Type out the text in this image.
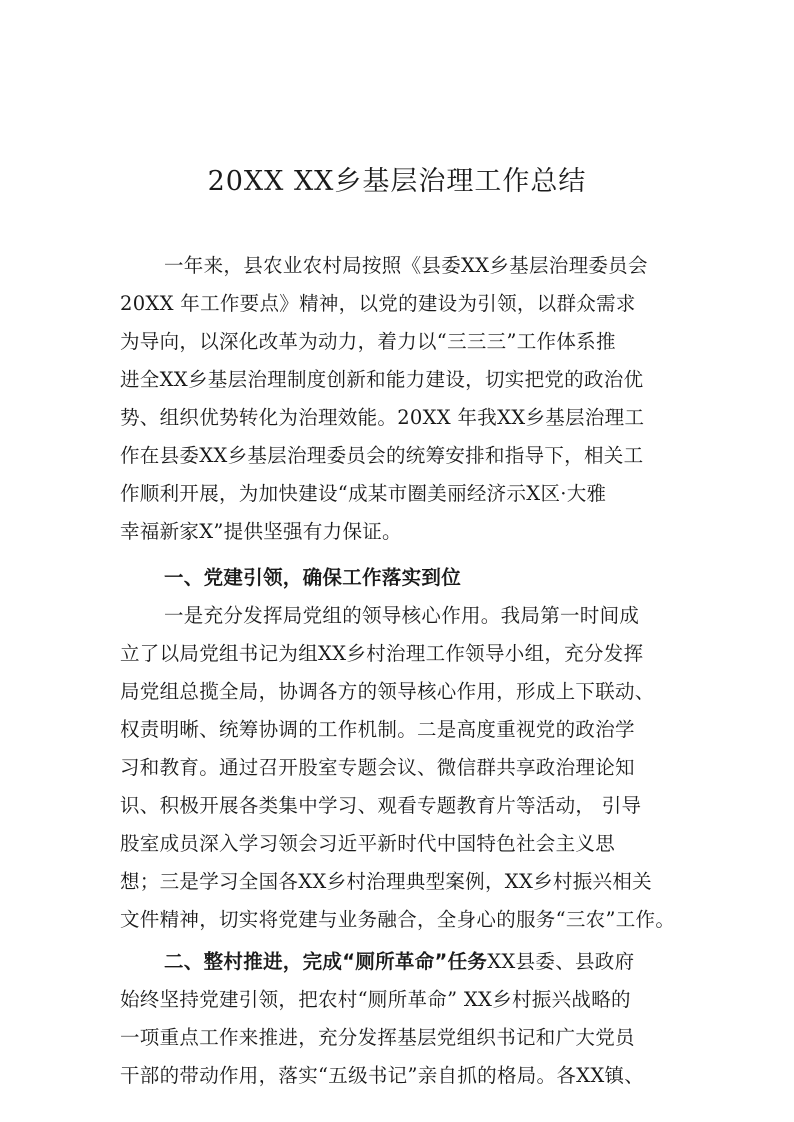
20XX XX乡基层治理工作总结
一年来，县农业农村局按照《县委XX乡基层治理委员会
20XX 年工作要点》精神，以党的建设为引领，以群众需求
为导向，以深化改革为动力，着力以“三三三”工作体系推
进全XX乡基层治理制度创新和能力建设，切实把党的政治优
势、组织优势转化为治理效能。20XX 年我XX乡基层治理工
作在县委XX乡基层治理委员会的统筹安排和指导下，相关工
作顺利开展，为加快建设“成某市圈美丽经济示X区·大雅
幸福新家X”提供坚强有力保证。
一、党建引领，确保工作落实到位
一是充分发挥局党组的领导核心作用。我局第一时间成
立了以局党组书记为组XX乡村治理工作领导小组，充分发挥
局党组总揽全局，协调各方的领导核心作用，形成上下联动、
权责明晰、统筹协调的工作机制。二是高度重视党的政治学
习和教育。通过召开股室专题会议、微信群共享政治理论知
识、积极开展各类集中学习、观看专题教育片等活动， 引导
股室成员深入学习领会习近平新时代中国特色社会主义思
想；三是学习全国各XX乡村治理典型案例，XX乡村振兴相关
文件精神，切实将党建与业务融合，全身心的服务“三农”工作。
二、整村推进，完成“厕所革命”任务XX县委、县政府
始终坚持党建引领，把农村“厕所革命” XX乡村振兴战略的
一项重点工作来推进，充分发挥基层党组织书记和广大党员
干部的带动作用，落实“五级书记”亲自抓的格局。各XX镇、
